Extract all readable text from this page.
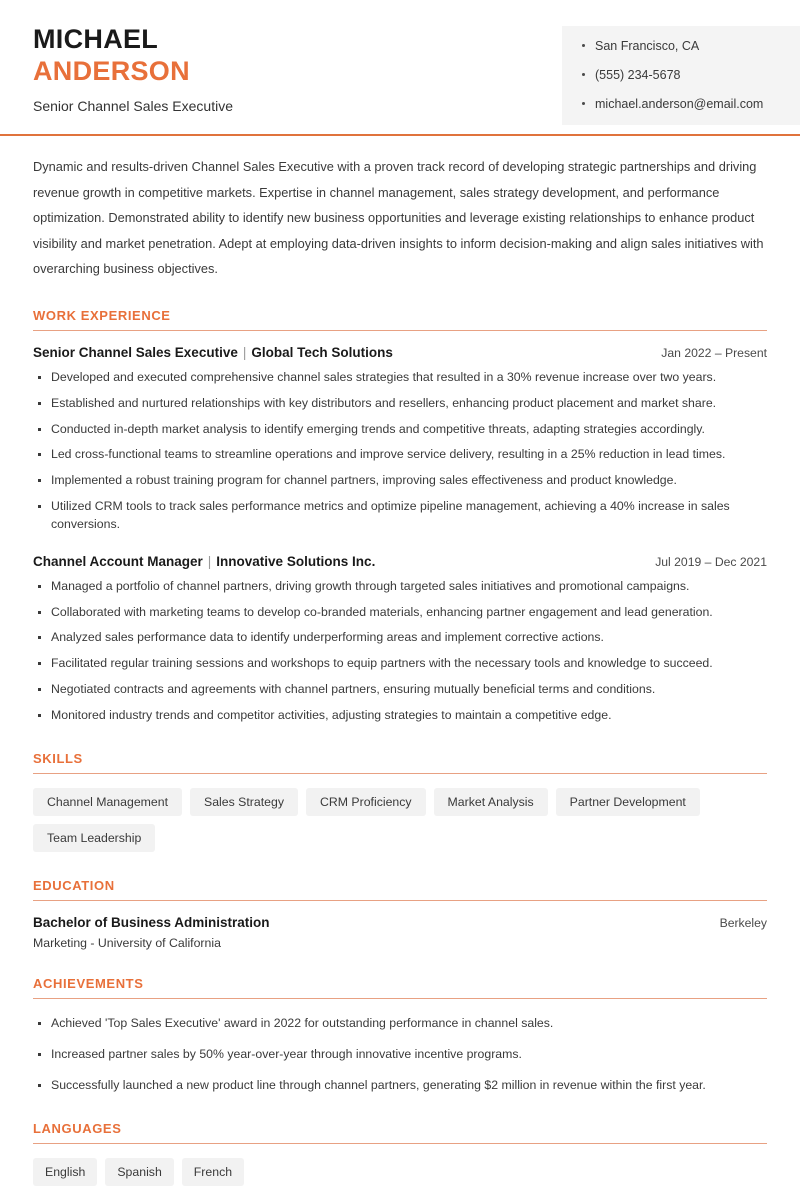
MICHAEL
ANDERSON
Senior Channel Sales Executive
San Francisco, CA
(555) 234-5678
michael.anderson@email.com

Dynamic and results-driven Channel Sales Executive with a proven track record of developing strategic partnerships and driving revenue growth in competitive markets. Expertise in channel management, sales strategy development, and performance optimization. Demonstrated ability to identify new business opportunities and leverage existing relationships to enhance product visibility and market penetration. Adept at employing data-driven insights to inform decision-making and align sales initiatives with overarching business objectives.

WORK EXPERIENCE
Senior Channel Sales Executive | Global Tech Solutions	Jan 2022 – Present
Developed and executed comprehensive channel sales strategies that resulted in a 30% revenue increase over two years.
Established and nurtured relationships with key distributors and resellers, enhancing product placement and market share.
Conducted in-depth market analysis to identify emerging trends and competitive threats, adapting strategies accordingly.
Led cross-functional teams to streamline operations and improve service delivery, resulting in a 25% reduction in lead times.
Implemented a robust training program for channel partners, improving sales effectiveness and product knowledge.
Utilized CRM tools to track sales performance metrics and optimize pipeline management, achieving a 40% increase in sales conversions.
Channel Account Manager | Innovative Solutions Inc.	Jul 2019 – Dec 2021
Managed a portfolio of channel partners, driving growth through targeted sales initiatives and promotional campaigns.
Collaborated with marketing teams to develop co-branded materials, enhancing partner engagement and lead generation.
Analyzed sales performance data to identify underperforming areas and implement corrective actions.
Facilitated regular training sessions and workshops to equip partners with the necessary tools and knowledge to succeed.
Negotiated contracts and agreements with channel partners, ensuring mutually beneficial terms and conditions.
Monitored industry trends and competitor activities, adjusting strategies to maintain a competitive edge.
SKILLS
Channel Management	Sales Strategy	CRM Proficiency	Market Analysis	Partner Development
Team Leadership
EDUCATION
Bachelor of Business Administration	Berkeley
Marketing - University of California
ACHIEVEMENTS
Achieved 'Top Sales Executive' award in 2022 for outstanding performance in channel sales.
Increased partner sales by 50% year-over-year through innovative incentive programs.
Successfully launched a new product line through channel partners, generating $2 million in revenue within the first year.
LANGUAGES
English	Spanish	French
